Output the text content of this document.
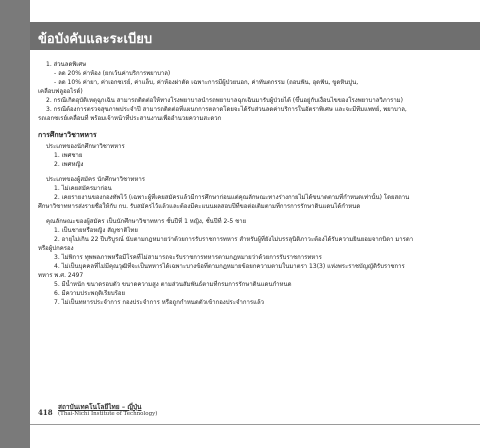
ข้อบังคับและระเบียบ
1. ส่วนลดพิเศษ
- ลด 20% ค่าห้อง (ยกเว้นค่าบริการพยาบาล)
- ลด 10% ค่ายา, ค่าเอกซเรย์, ค่าแล็บ, ค่าห้องผ่าตัด เฉพาะการมีผู้ป่วยนอก, ค่าทันตกรรม (ถอนฟัน, อุดฟัน, ขูดหินปูน,
เคลือบฟลูออไรด์)
2. กรณีเกิดอุบัติเหตุฉุกเฉิน สามารถติดต่อให้ทางโรงพยาบาลนำรถพยาบาลฉุกเฉินมารับผู้ป่วยได้ (ขึ้นอยู่กับเงื่อนไขของโรงพยาบาลวิภาราม)
3. กรณีต้องการตรวจสุขภาพประจำปี สามารถติดต่อที่แผนกการตลาดโดยจะได้รับส่วนลดค่าบริการในอัตราพิเศษ และจะมีทีมแพทย์, พยาบาล,
รถเอกซเรย์เคลื่อนที่ พร้อมเจ้าหน้าที่ประสานงานเพื่ออำนวยความสะดวก
การศึกษาวิชาทหาร
ประเภทของนักศึกษาวิชาทหาร
1. เพศชาย
2. เพศหญิง
ประเภทของผู้สมัคร นักศึกษาวิชาทหาร
1. ไม่เคยสมัครมาก่อน
2. เคยรายงานของกองทัพไว้ (เฉพาะผู้ที่เคยสมัครแล้วมีการศึกษาก่อนแต่คุณลักษณะทางร่างกายไม่ได้ขนาดตามที่กำหนดเท่านั้น) โดยสถาน
ศึกษาวิชาทหารส่งรายชื่อให้กับ กบ. รับสมัครไว้แล้วและต้องมีคะแนนผลสอบปีที่ขอต่อเติมตามที่การการรักษาดินแดนได้กำหนด
คุณลักษณะของผู้สมัคร เป็นนักศึกษาวิชาทหาร ชั้นปีที่ 1 หญิง, ชั้นปีที่ 2-5 ชาย
1. เป็นชายหรือหญิง สัญชาติไทย
2. อายุไม่เกิน 22 ปีบริบูรณ์ นับตามกฎหมายว่าด้วยการรับราชการทหาร สำหรับผู้ที่ยังไม่บรรลุนิติภาวะต้องได้รับความยินยอมจากบิดา มารดา
หรือผู้ปกครอง
3. ไม่พิการ ทุพพลภาพหรือมีโรคที่ไม่สามารถจะรับราชการทหารตามกฎหมายว่าด้วยการรับราชการทหาร
4. ไม่เป็นบุคคลที่ไม่มีคุณวุฒิที่จะเป็นทหารได้เฉพาะบางข้อที่ตามกฎหมายข้อยกความตามในมาตรา 13(3) แห่งพระราชบัญญัติรับราชการ
ทหาร พ.ศ. 2497
5. มีน้ำหนัก ขนาดรอบตัว ขนาดความสูง ตามส่วนสัมพันธ์ตามที่กรมการรักษาดินแดนกำหนด
6. มีความประพฤติเรียบร้อย
7. ไม่เป็นทหารประจำการ กองประจำการ หรือถูกกำหนดตัวเข้ากองประจำการแล้ว
418
สถาบันเทคโนโลยีไทย – ญี่ปุ่น
(Thai-Nichi Institute of Technology)
